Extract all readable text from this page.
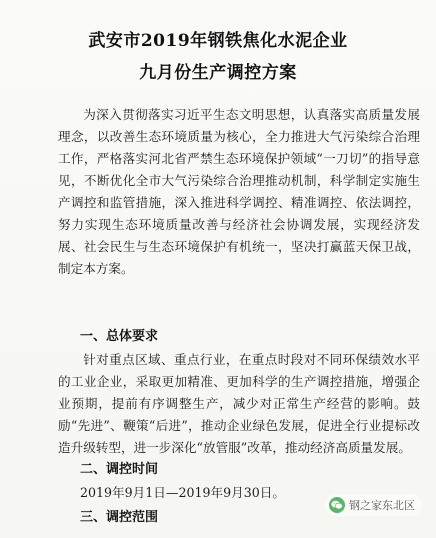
武安市2019年钢铁焦化水泥企业
九月份生产调控方案
为深入贯彻落实习近平生态文明思想，认真落实高质量发展理念，以改善生态环境质量为核心，全力推进大气污染综合治理工作，严格落实河北省严禁生态环境保护领域“一刀切”的指导意见，不断优化全市大气污染综合治理推动机制，科学制定实施生产调控和监管措施，深入推进科学调控、精准调控、依法调控，努力实现生态环境质量改善与经济社会协调发展，实现经济发展、社会民生与生态环境保护有机统一，坚决打赢蓝天保卫战，制定本方案。
一、总体要求
针对重点区域、重点行业，在重点时段对不同环保绩效水平的工业企业，采取更加精准、更加科学的生产调控措施，增强企业预期，提前有序调整生产，减少对正常生产经营的影响。鼓励“先进”、鞭策“后进”，推动企业绿色发展，促进全行业提标改造升级转型，进一步深化“放管服”改革，推动经济高质量发展。
二、调控时间
2019年9月1日—2019年9月30日。
三、调控范围
钢之家东北区
